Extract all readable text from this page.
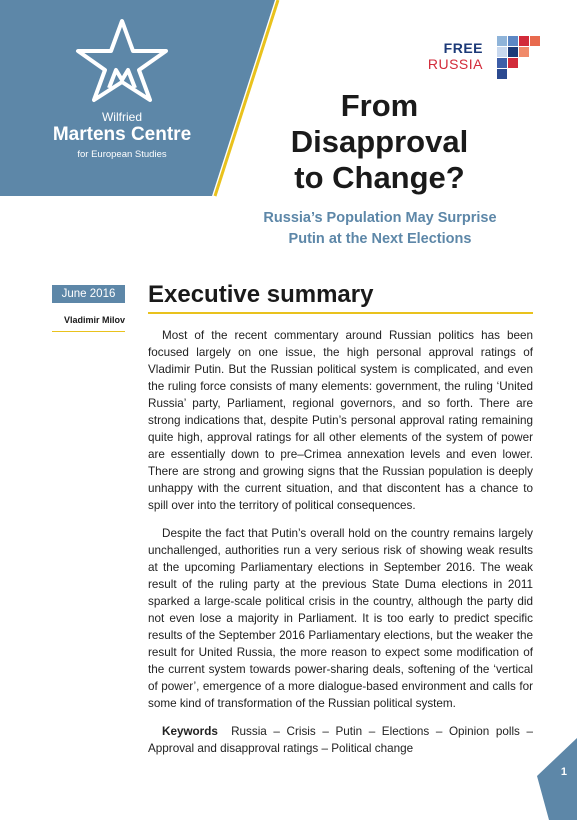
Wilfried
Martens Centre
for European Studies
FREE
RUSSIA
From
Disapproval
to Change?
Russia’s Population May Surprise
Putin at the Next Elections
June 2016
Vladimir Milov
Executive summary

Most of the recent commentary around Russian politics has been focused largely on one issue, the high personal approval ratings of Vladimir Putin. But the Russian political system is complicated, and even the ruling force consists of many elements: government, the ruling ‘United Russia’ party, Parliament, regional governors, and so forth. There are strong indications that, despite Putin’s personal approval rating remaining quite high, approval ratings for all other elements of the system of power are essentially down to pre–Crimea annexation levels and even lower. There are strong and growing signs that the Russian population is deeply unhappy with the current situation, and that discontent has a chance to spill over into the territory of political consequences.

Despite the fact that Putin’s overall hold on the country remains largely unchallenged, authorities run a very serious risk of showing weak results at the upcoming Parliamentary elections in September 2016. The weak result of the ruling party at the previous State Duma elections in 2011 sparked a large-scale political crisis in the country, although the party did not even lose a majority in Parliament. It is too early to predict specific results of the September 2016 Parliamentary elections, but the weaker the result for United Russia, the more reason to expect some modification of the current system towards power-sharing deals, softening of the ‘vertical of power’, emergence of a more dialogue-based environment and calls for some kind of transformation of the Russian political system.

Keywords Russia – Crisis – Putin – Elections – Opinion polls – Approval and disapproval ratings – Political change

1
